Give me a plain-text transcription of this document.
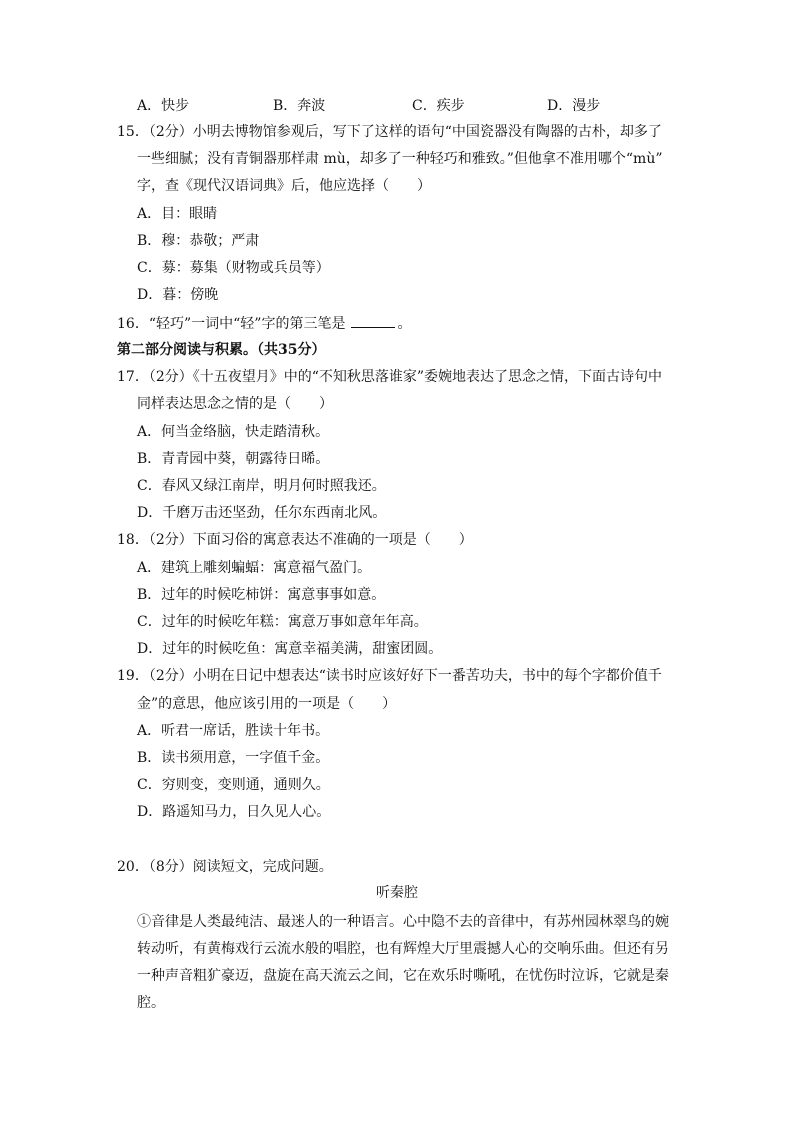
A．快步	B．奔波	C．疾步	D．漫步
15．（2分）小明去博物馆参观后，写下了这样的语句“中国瓷器没有陶器的古朴，却多了
一些细腻；没有青铜器那样肃 mù，却多了一种轻巧和雅致。”但他拿不准用哪个“mù”
字，查《现代汉语词典》后，他应选择（　　）
A．目：眼睛
B．穆：恭敬；严肃
C．募：募集（财物或兵员等）
D．暮：傍晚
16．“轻巧”一词中“轻”字的第三笔是	。
第二部分阅读与积累。（共35分）
17．（2分）《十五夜望月》中的“不知秋思落谁家”委婉地表达了思念之情，下面古诗句中
同样表达思念之情的是（　　）
A．何当金络脑，快走踏清秋。
B．青青园中葵，朝露待日晞。
C．春风又绿江南岸，明月何时照我还。
D．千磨万击还坚劲，任尔东西南北风。
18．（2分）下面习俗的寓意表达不准确的一项是（　　）
A．建筑上雕刻蝙蝠：寓意福气盈门。
B．过年的时候吃柿饼：寓意事事如意。
C．过年的时候吃年糕：寓意万事如意年年高。
D．过年的时候吃鱼：寓意幸福美满，甜蜜团圆。
19．（2分）小明在日记中想表达“读书时应该好好下一番苦功夫，书中的每个字都价值千
金”的意思，他应该引用的一项是（　　）
A．听君一席话，胜读十年书。
B．读书须用意，一字值千金。
C．穷则变，变则通，通则久。
D．路遥知马力，日久见人心。
20．（8分）阅读短文，完成问题。
听秦腔
①音律是人类最纯洁、最迷人的一种语言。心中隐不去的音律中，有苏州园林翠鸟的婉
转动听，有黄梅戏行云流水般的唱腔，也有辉煌大厅里震撼人心的交响乐曲。但还有另
一种声音粗犷豪迈，盘旋在高天流云之间，它在欢乐时嘶吼，在忧伤时泣诉，它就是秦
腔。
